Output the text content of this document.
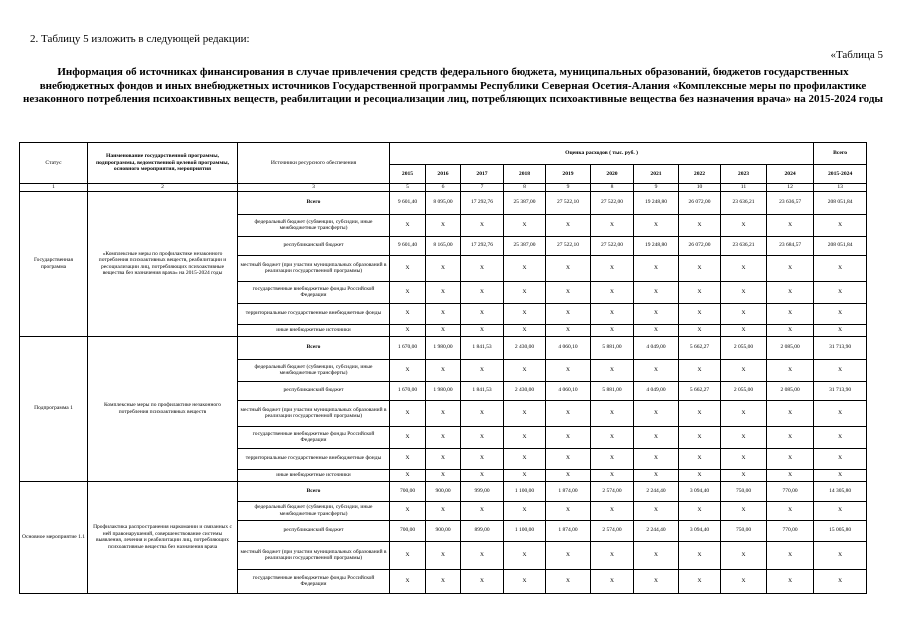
2. Таблицу 5 изложить в следующей редакции:
«Таблица 5
Информация об источниках финансирования в случае привлечения средств федерального бюджета, муниципальных образований, бюджетов государственных внебюджетных фондов и иных внебюджетных источников Государственной программы Республики Северная Осетия-Алания «Комплексные меры по профилактике незаконного потребления психоактивных веществ, реабилитации и ресоциализации лиц, потребляющих психоактивные вещества без назначения врача» на 2015-2024 годы
Статус	Наименование государственной программы, подпрограммы, ведомственной целевой программы, основного мероприятия, мероприятия	Источники ресурсного обеспечения	Оценка расходов ( тыс. руб. )										Всего
			2015	2016	2017	2018	2019	2020	2021	2022	2023	2024	2015-2024
1	2	3	5	6	7	8	9	8	9	10	11	12	13
Государственная программа	«Комплексные меры по профилактике незаконного потребления психоактивных веществ, реабилитации и ресоциализации лиц, потребляющих психоактивные вещества без назначения врача» на 2015-2024 годы	Всего	9 601,40	8 095,00	17 292,76	25 387,00	27 522,10	27 522,00	19 248,80	26 072,00	23 636,21	23 636,57	208 051,84
		федеральный бюджет (субвенции, субсидии, иные межбюджетные трансферты)	Х	Х	Х	Х	Х	Х	Х	Х	Х	Х	Х
		республиканский бюджет	9 601,40	8 165,00	17 292,76	25 387,00	27 522,10	27 522,00	19 248,80	26 072,00	23 636,21	23 684,57	208 051,84
		местный бюджет (при участии муниципальных образований в реализации государственной программы)	Х	Х	Х	Х	Х	Х	Х	Х	Х	Х	Х
		государственные внебюджетные фонды Российской Федерации	Х	Х	Х	Х	Х	Х	Х	Х	Х	Х	Х
		территориальные государственные внебюджетные фонды	Х	Х	Х	Х	Х	Х	Х	Х	Х	Х	Х
		иные внебюджетные источники	Х	Х	Х	Х	Х	Х	Х	Х	Х	Х	Х
Подпрограмма 1	Комплексные меры по профилактике незаконного потребления психоактивных веществ	Всего	1 670,00	1 980,00	1 841,53	2 430,00	4 060,10	5 881,00	4 049,00	5 662,27	2 055,00	2 085,00	31 713,90
		федеральный бюджет (субвенции, субсидии, иные межбюджетные трансферты)	Х	Х	Х	Х	Х	Х	Х	Х	Х	Х	Х
		республиканский бюджет	1 670,00	1 980,00	1 841,53	2 430,00	4 060,10	5 881,00	4 049,00	5 662,27	2 055,00	2 085,00	31 713,90
		местный бюджет (при участии муниципальных образований в реализации государственной программы)	Х	Х	Х	Х	Х	Х	Х	Х	Х	Х	Х
		государственные внебюджетные фонды Российской Федерации	Х	Х	Х	Х	Х	Х	Х	Х	Х	Х	Х
		территориальные государственные внебюджетные фонды	Х	Х	Х	Х	Х	Х	Х	Х	Х	Х	Х
		иные внебюджетные источники	Х	Х	Х	Х	Х	Х	Х	Х	Х	Х	Х
Основное мероприятие 1.1	Профилактика распространения наркомании и связанных с ней правонарушений, совершенствование системы выявления, лечения и реабилитации лиц, потребляющих психоактивные вещества без назначения врача	Всего	700,00	900,00	999,00	1 100,00	1 874,00	2 574,00	2 244,40	3 094,40	750,00	770,00	14 305,80
		федеральный бюджет (субвенции, субсидии, иные межбюджетные трансферты)	Х	Х	Х	Х	Х	Х	Х	Х	Х	Х	Х
		республиканский бюджет	700,00	900,00	899,00	1 100,00	1 874,00	2 574,00	2 244,40	3 094,40	750,00	770,00	15 005,80
		местный бюджет (при участии муниципальных образований в реализации государственной программы)	Х	Х	Х	Х	Х	Х	Х	Х	Х	Х	Х
		государственные внебюджетные фонды Российской Федерации	Х	Х	Х	Х	Х	Х	Х	Х	Х	Х	Х
